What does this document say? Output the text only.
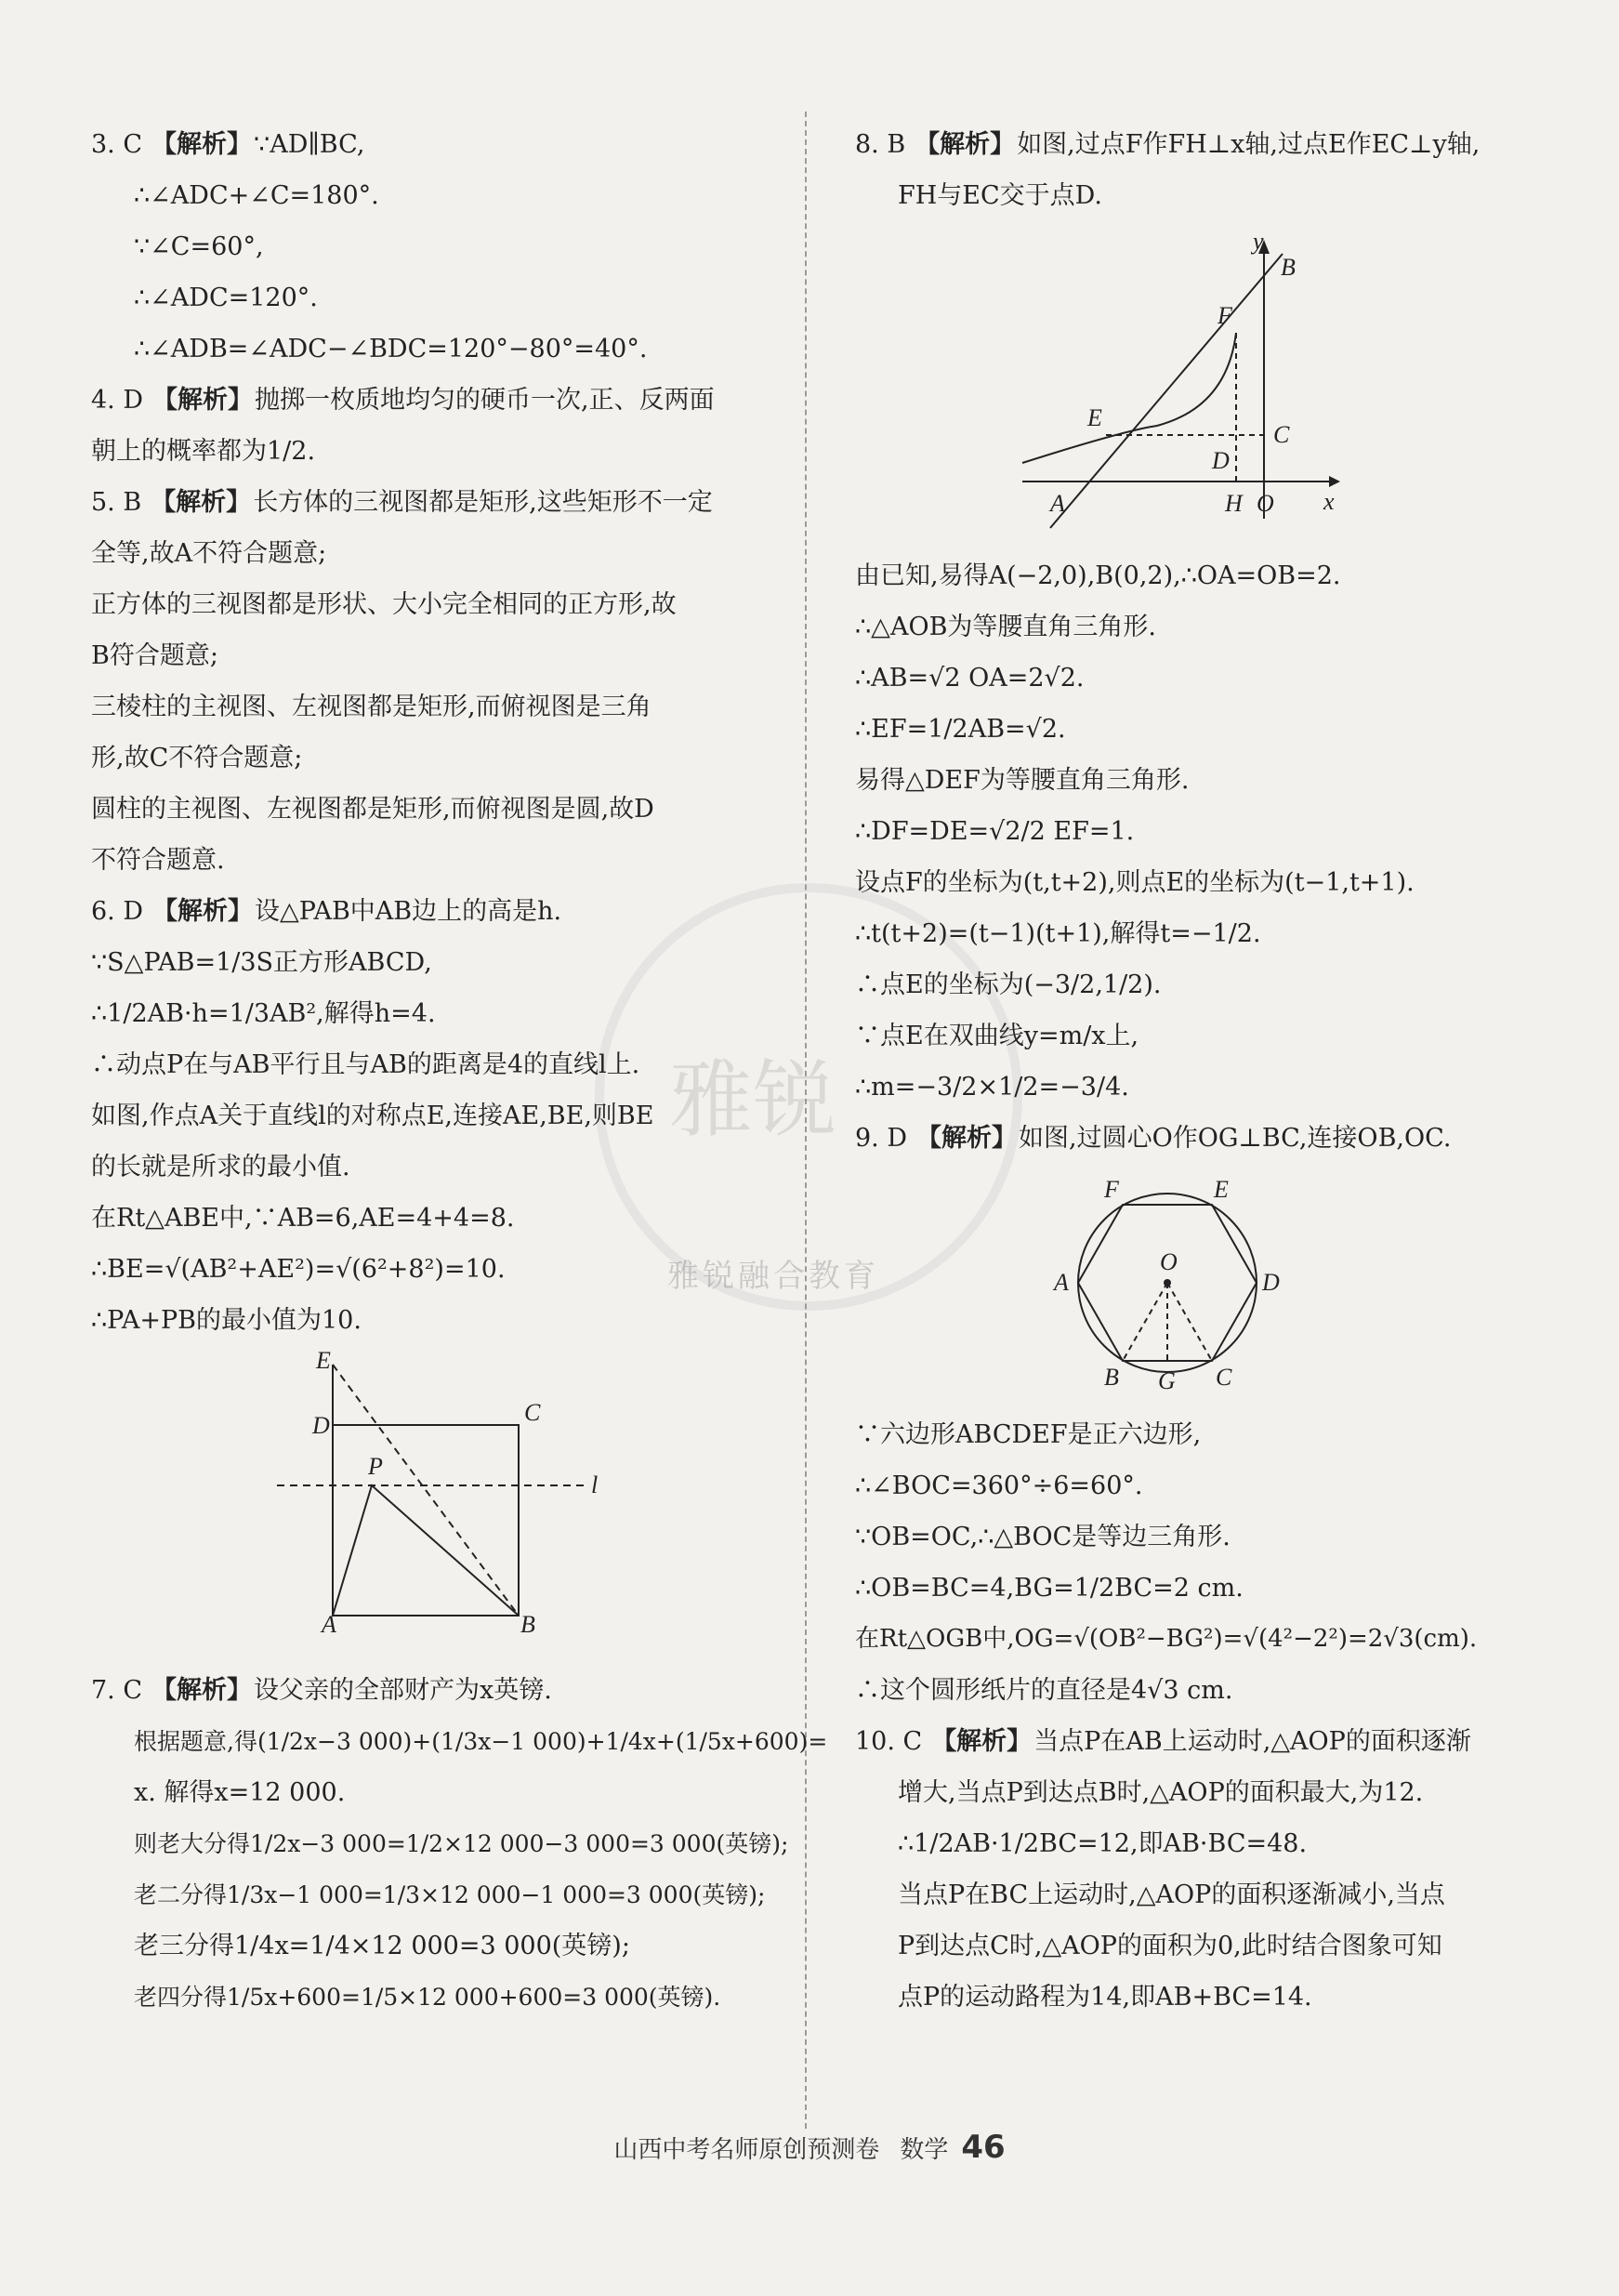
雅锐
雅锐融合教育
3. C 【解析】∵AD∥BC,
∴∠ADC+∠C=180°.
∵∠C=60°,
∴∠ADC=120°.
∴∠ADB=∠ADC−∠BDC=120°−80°=40°.
4. D 【解析】抛掷一枚质地均匀的硬币一次,正、反两面
朝上的概率都为1/2.
5. B 【解析】长方体的三视图都是矩形,这些矩形不一定
全等,故A不符合题意;
正方体的三视图都是形状、大小完全相同的正方形,故
B符合题意;
三棱柱的主视图、左视图都是矩形,而俯视图是三角
形,故C不符合题意;
圆柱的主视图、左视图都是矩形,而俯视图是圆,故D
不符合题意.
6. D 【解析】设△PAB中AB边上的高是h.
∵S△PAB=1/3S正方形ABCD,
∴1/2AB·h=1/3AB²,解得h=4.
∴动点P在与AB平行且与AB的距离是4的直线l上.
如图,作点A关于直线l的对称点E,连接AE,BE,则BE
的长就是所求的最小值.
在Rt△ABE中,∵AB=6,AE=4+4=8.
∴BE=√(AB²+AE²)=√(6²+8²)=10.
∴PA+PB的最小值为10.
E
D	C
P
l
A	B
7. C 【解析】设父亲的全部财产为x英镑.
根据题意,得(1/2x−3 000)+(1/3x−1 000)+1/4x+(1/5x+600)=
x. 解得x=12 000.
则老大分得1/2x−3 000=1/2×12 000−3 000=3 000(英镑);
老二分得1/3x−1 000=1/3×12 000−1 000=3 000(英镑);
老三分得1/4x=1/4×12 000=3 000(英镑);
老四分得1/5x+600=1/5×12 000+600=3 000(英镑).
8. B 【解析】如图,过点F作FH⊥x轴,过点E作EC⊥y轴,
FH与EC交于点D.
y
B
F
E
C
D
A	H O x
由已知,易得A(−2,0),B(0,2),∴OA=OB=2.
∴△AOB为等腰直角三角形.
∴AB=√2 OA=2√2.
∴EF=1/2AB=√2.
易得△DEF为等腰直角三角形.
∴DF=DE=√2/2 EF=1.
设点F的坐标为(t,t+2),则点E的坐标为(t−1,t+1).
∴t(t+2)=(t−1)(t+1),解得t=−1/2.
∴点E的坐标为(−3/2,1/2).
∵点E在双曲线y=m/x上,
∴m=−3/2×1/2=−3/4.
9. D 【解析】如图,过圆心O作OG⊥BC,连接OB,OC.
F	E
O
A	D
B G C
∵六边形ABCDEF是正六边形,
∴∠BOC=360°÷6=60°.
∵OB=OC,∴△BOC是等边三角形.
∴OB=BC=4,BG=1/2BC=2 cm.
在Rt△OGB中,OG=√(OB²−BG²)=√(4²−2²)=2√3(cm).
∴这个圆形纸片的直径是4√3 cm.
10. C 【解析】当点P在AB上运动时,△AOP的面积逐渐
增大,当点P到达点B时,△AOP的面积最大,为12.
∴1/2AB·1/2BC=12,即AB·BC=48.
当点P在BC上运动时,△AOP的面积逐渐减小,当点
P到达点C时,△AOP的面积为0,此时结合图象可知
点P的运动路程为14,即AB+BC=14.
山西中考名师原创预测卷 数学 46
